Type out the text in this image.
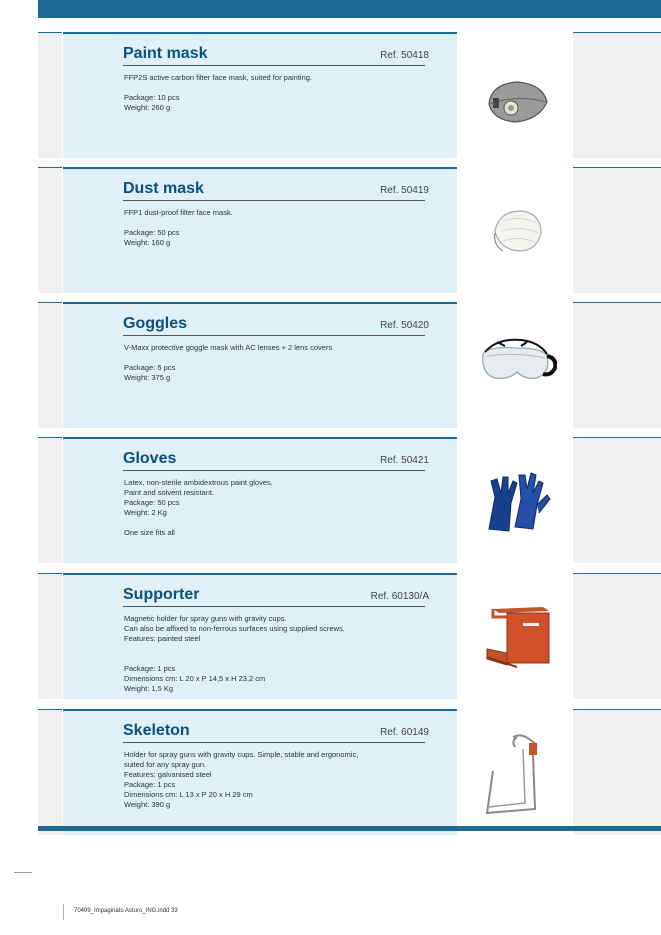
Paint mask	Ref. 50418
FFP2S active carbon filter face mask, suited for painting.
Package: 10 pcs
Weight: 260 g
Dust mask	Ref. 50419
FFP1 dust-proof filter face mask.
Package: 50 pcs
Weight: 160 g
Goggles	Ref. 50420
V-Maxx protective goggle mask with AC lenses + 2 lens covers
Package: 5 pcs
Weight: 375 g
Gloves	Ref. 50421
Latex, non-sterile ambidextrous paint gloves.
Paint and solvent resistant.
Package: 50 pcs
Weight: 2 Kg
One size fits all
Supporter	Ref. 60130/A
Magnetic holder for spray guns with gravity cups.
Can also be affixed to non-ferrous surfaces using supplied screws.
Features: painted steel
Package: 1 pcs
Dimensions cm: L 20 x P 14,5 x H 23,2 cm
Weight: 1,5 Kg
Skeleton	Ref. 60149
Holder for spray guns with gravity cups. Simple, stable and ergonomic,
suited for any spray gun.
Features: galvanised steel
Package: 1 pcs
Dimensions cm: L 13 x P 20 x H 29 cm
Weight: 390 g
70409_Impaginato Asturo_ING.indd 33
